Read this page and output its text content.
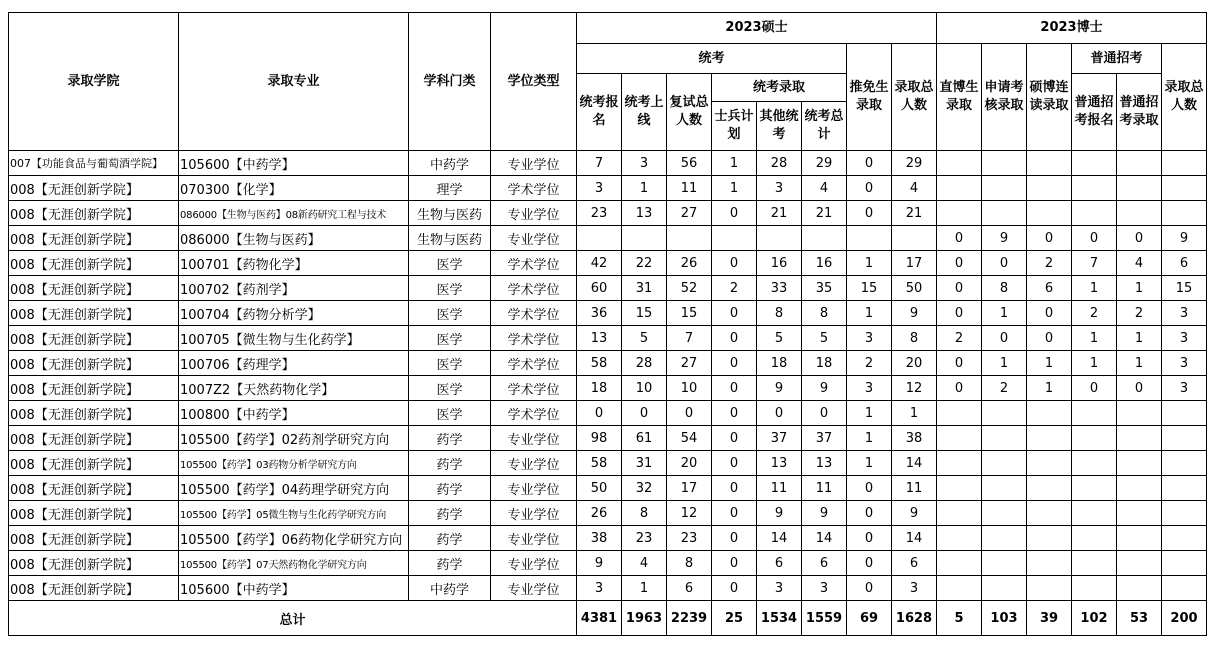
录取学院	录取专业	学科门类	学位类型	2023硕士								2023博士					
				统考						推免生录取	录取总人数	直博生录取	申请考核录取	硕博连读录取	普通招考		录取总人数
				统考报名	统考上线	复试总人数	统考录取								普通招考报名	普通招考录取	
							士兵计划	其他统考	统考总计								
007【功能食品与葡萄酒学院】	105600【中药学】	中药学	专业学位	7	3	56	1	28	29	0	29						
008【无涯创新学院】	070300【化学】	理学	学术学位	3	1	11	1	3	4	0	4						
008【无涯创新学院】	086000【生物与医药】08新药研究工程与技术	生物与医药	专业学位	23	13	27	0	21	21	0	21						
008【无涯创新学院】	086000【生物与医药】	生物与医药	专业学位									0	9	0	0	0	9
008【无涯创新学院】	100701【药物化学】	医学	学术学位	42	22	26	0	16	16	1	17	0	0	2	7	4	6
008【无涯创新学院】	100702【药剂学】	医学	学术学位	60	31	52	2	33	35	15	50	0	8	6	1	1	15
008【无涯创新学院】	100704【药物分析学】	医学	学术学位	36	15	15	0	8	8	1	9	0	1	0	2	2	3
008【无涯创新学院】	100705【微生物与生化药学】	医学	学术学位	13	5	7	0	5	5	3	8	2	0	0	1	1	3
008【无涯创新学院】	100706【药理学】	医学	学术学位	58	28	27	0	18	18	2	20	0	1	1	1	1	3
008【无涯创新学院】	1007Z2【天然药物化学】	医学	学术学位	18	10	10	0	9	9	3	12	0	2	1	0	0	3
008【无涯创新学院】	100800【中药学】	医学	学术学位	0	0	0	0	0	0	1	1						
008【无涯创新学院】	105500【药学】02药剂学研究方向	药学	专业学位	98	61	54	0	37	37	1	38						
008【无涯创新学院】	105500【药学】03药物分析学研究方向	药学	专业学位	58	31	20	0	13	13	1	14						
008【无涯创新学院】	105500【药学】04药理学研究方向	药学	专业学位	50	32	17	0	11	11	0	11						
008【无涯创新学院】	105500【药学】05微生物与生化药学研究方向	药学	专业学位	26	8	12	0	9	9	0	9						
008【无涯创新学院】	105500【药学】06药物化学研究方向	药学	专业学位	38	23	23	0	14	14	0	14						
008【无涯创新学院】	105500【药学】07天然药物化学研究方向	药学	专业学位	9	4	8	0	6	6	0	6						
008【无涯创新学院】	105600【中药学】	中药学	专业学位	3	1	6	0	3	3	0	3						
总计				4381	1963	2239	25	1534	1559	69	1628	5	103	39	102	53	200
